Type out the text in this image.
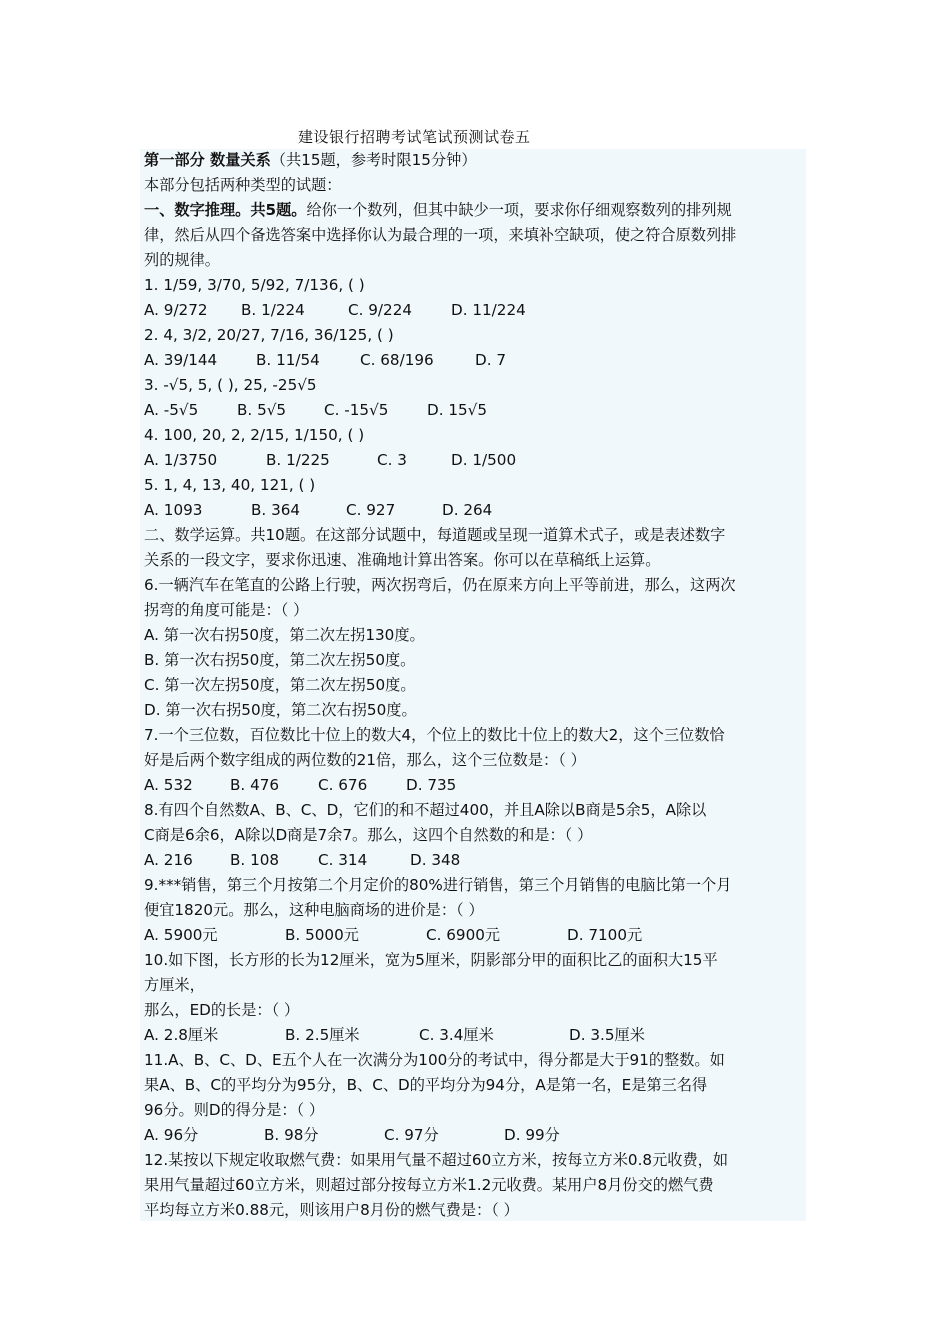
建设银行招聘考试笔试预测试卷五
第一部分 数量关系（共15题，参考时限15分钟）
本部分包括两种类型的试题：
一、数字推理。共5题。给你一个数列，但其中缺少一项，要求你仔细观察数列的排列规
律，然后从四个备选答案中选择你认为最合理的一项，来填补空缺项，使之符合原数列排
列的规律。
1. 1/59, 3/70, 5/92, 7/136, ( )
A. 9/272 B. 1/224	C. 9/224	D. 11/224
2. 4, 3/2, 20/27, 7/16, 36/125, ( )
A. 39/144	B. 11/54	C. 68/196	D. 7
3. -√5, 5, ( ), 25, -25√5
A. -5√5	B. 5√5 C. -15√5	D. 15√5
4. 100, 20, 2, 2/15, 1/150, ( )
A. 1/3750	B. 1/225	C. 3	D. 1/500
5. 1, 4, 13, 40, 121, ( )
A. 1093	B. 364	C. 927	D. 264
二、数学运算。共10题。在这部分试题中，每道题或呈现一道算术式子，或是表述数字
关系的一段文字，要求你迅速、准确地计算出答案。你可以在草稿纸上运算。
6.一辆汽车在笔直的公路上行驶，两次拐弯后，仍在原来方向上平等前进，那么，这两次
拐弯的角度可能是：（ ）
A. 第一次右拐50度，第二次左拐130度。
B. 第一次右拐50度，第二次左拐50度。
C. 第一次左拐50度，第二次左拐50度。
D. 第一次右拐50度，第二次右拐50度。
7.一个三位数，百位数比十位上的数大4，个位上的数比十位上的数大2，这个三位数恰
好是后两个数字组成的两位数的21倍，那么，这个三位数是：（ ）
A. 532 B. 476	C. 676	D. 735
8.有四个自然数A、B、C、D，它们的和不超过400，并且A除以B商是5余5，A除以
C商是6余6，A除以D商是7余7。那么，这四个自然数的和是：（ ）
A. 216 B. 108	C. 314	D. 348
9.***销售，第三个月按第二个月定价的80%进行销售，第三个月销售的电脑比第一个月
便宜1820元。那么，这种电脑商场的进价是：（ ）
A. 5900元	B. 5000元	C. 6900元	D. 7100元
10.如下图，长方形的长为12厘米，宽为5厘米，阴影部分甲的面积比乙的面积大15平
方厘米，
那么，ED的长是：（ ）
A. 2.8厘米	B. 2.5厘米	C. 3.4厘米	D. 3.5厘米
11.A、B、C、D、E五个人在一次满分为100分的考试中，得分都是大于91的整数。如
果A、B、C的平均分为95分，B、C、D的平均分为94分，A是第一名，E是第三名得
96分。则D的得分是：（ ）
A. 96分	B. 98分	C. 97分	D. 99分
12.某按以下规定收取燃气费：如果用气量不超过60立方米，按每立方米0.8元收费，如
果用气量超过60立方米，则超过部分按每立方米1.2元收费。某用户8月份交的燃气费
平均每立方米0.88元，则该用户8月份的燃气费是：（ ）
